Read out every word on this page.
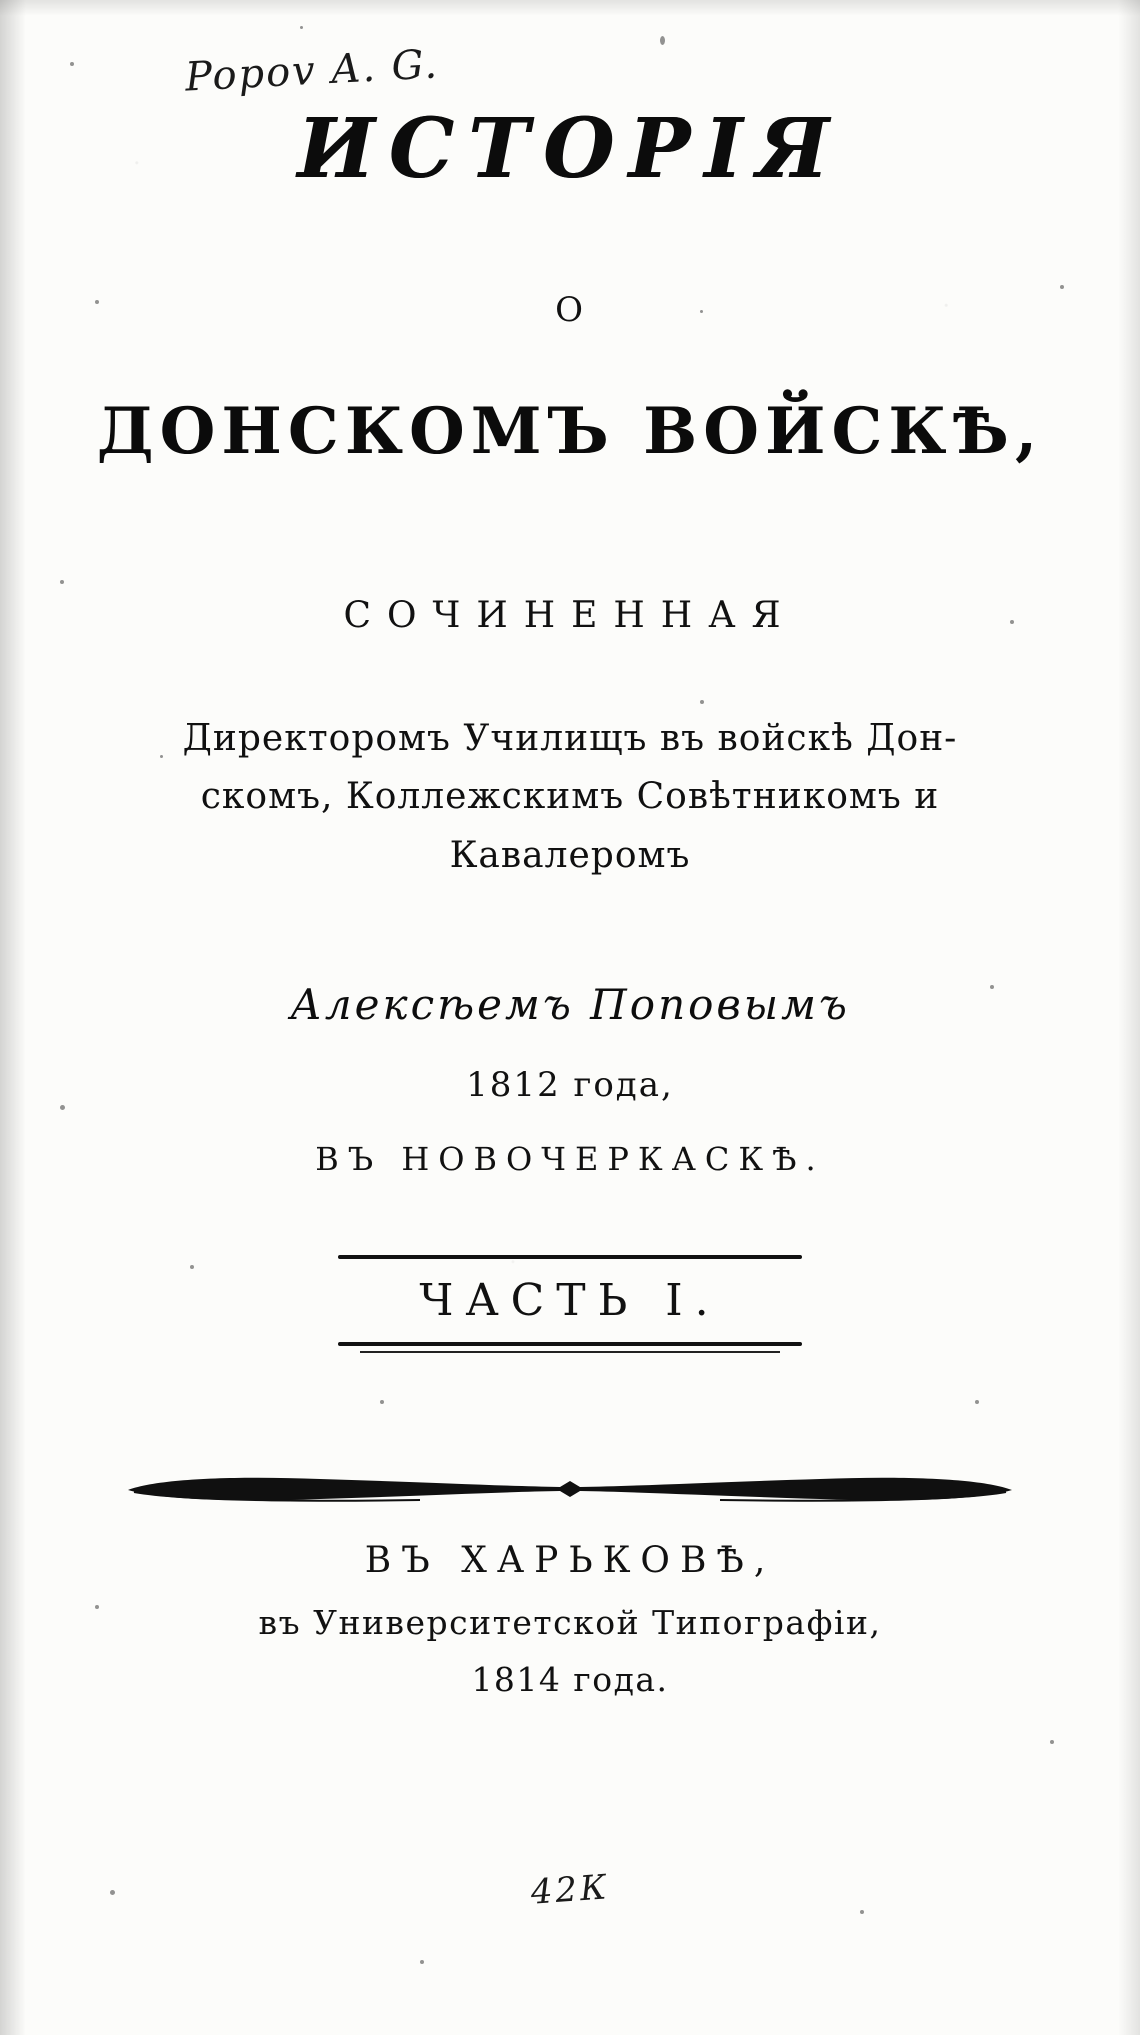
Popov A. G.
ИСТОРІЯ
О
ДОНСКОМЪ ВОЙСКѢ,
СОЧИНЕННАЯ
Директоромъ Училищъ въ войскѣ Дон-
скомъ, Коллежскимъ Совѣтникомъ и
Кавалеромъ
Алексѣемъ Поповымъ
1812 года,
ВЪ НОВОЧЕРКАСКѢ.
ЧАСТЬ I.
ВЪ ХАРЬКОВѢ,
въ Университетской Типографіи,
1814 года.
42К
